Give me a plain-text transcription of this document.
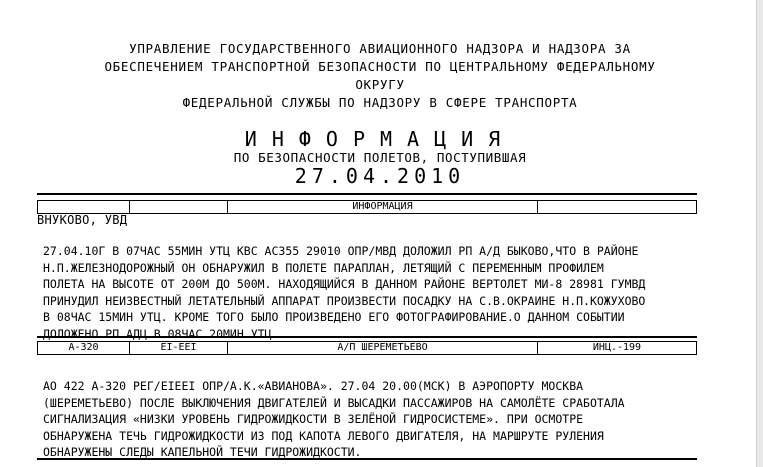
УПРАВЛЕНИЕ ГОСУДАРСТВЕННОГО АВИАЦИОННОГО НАДЗОРА И НАДЗОРА ЗА
ОБЕСПЕЧЕНИЕМ ТРАНСПОРТНОЙ БЕЗОПАСНОСТИ ПО ЦЕНТРАЛЬНОМУ ФЕДЕРАЛЬНОМУ
ОКРУГУ
ФЕДЕРАЛЬНОЙ СЛУЖБЫ ПО НАДЗОРУ В СФЕРЕ ТРАНСПОРТА
ИНФОРМАЦИЯ
ПО БЕЗОПАСНОСТИ ПОЛЕТОВ, ПОСТУПИВШАЯ
27.04.2010
ИНФОРМАЦИЯ
ВНУКОВО, УВД
27.04.10Г В 07ЧАС 55МИН УТЦ КВС АС355 29010 ОПР/МВД ДОЛОЖИЛ РП А/Д БЫКОВО,ЧТО В РАЙОНЕ
Н.П.ЖЕЛЕЗНОДОРОЖНЫЙ ОН ОБНАРУЖИЛ В ПОЛЕТЕ ПАРАПЛАН, ЛЕТЯЩИЙ С ПЕРЕМЕННЫМ ПРОФИЛЕМ
ПОЛЕТА НА ВЫСОТЕ ОТ 200М ДО 500М. НАХОДЯЩИЙСЯ В ДАННОМ РАЙОНЕ ВЕРТОЛЕТ МИ-8 28981 ГУМВД
ПРИНУДИЛ НЕИЗВЕСТНЫЙ ЛЕТАТЕЛЬНЫЙ АППАРАТ ПРОИЗВЕСТИ ПОСАДКУ НА С.В.ОКРАИНЕ Н.П.КОЖУХОВО
В 08ЧАС 15МИН УТЦ. КРОМЕ ТОГО БЫЛО ПРОИЗВЕДЕНО ЕГО ФОТОГРАФИРОВАНИЕ.О ДАННОМ СОБЫТИИ
ДОЛОЖЕНО РП АДЦ В 08ЧАС 20МИН УТЦ.
А-320	EI-EEI	А/П ШЕРЕМЕТЬЕВО	ИНЦ.-199
АО 422 А-320 РЕГ/EIEEI ОПР/А.К.«АВИАНОВА». 27.04 20.00(МСК) В АЭРОПОРТУ МОСКВА
(ШЕРЕМЕТЬЕВО) ПОСЛЕ ВЫКЛЮЧЕНИЯ ДВИГАТЕЛЕЙ И ВЫСАДКИ ПАССАЖИРОВ НА САМОЛЁТЕ СРАБОТАЛА
СИГНАЛИЗАЦИЯ «НИЗКИ УРОВЕНЬ ГИДРОЖИДКОСТИ В ЗЕЛЁНОЙ ГИДРОСИСТЕМЕ». ПРИ ОСМОТРЕ
ОБНАРУЖЕНА ТЕЧЬ ГИДРОЖИДКОСТИ ИЗ ПОД КАПОТА ЛЕВОГО ДВИГАТЕЛЯ, НА МАРШРУТЕ РУЛЕНИЯ
ОБНАРУЖЕНЫ СЛЕДЫ КАПЕЛЬНОЙ ТЕЧИ ГИДРОЖИДКОСТИ.
